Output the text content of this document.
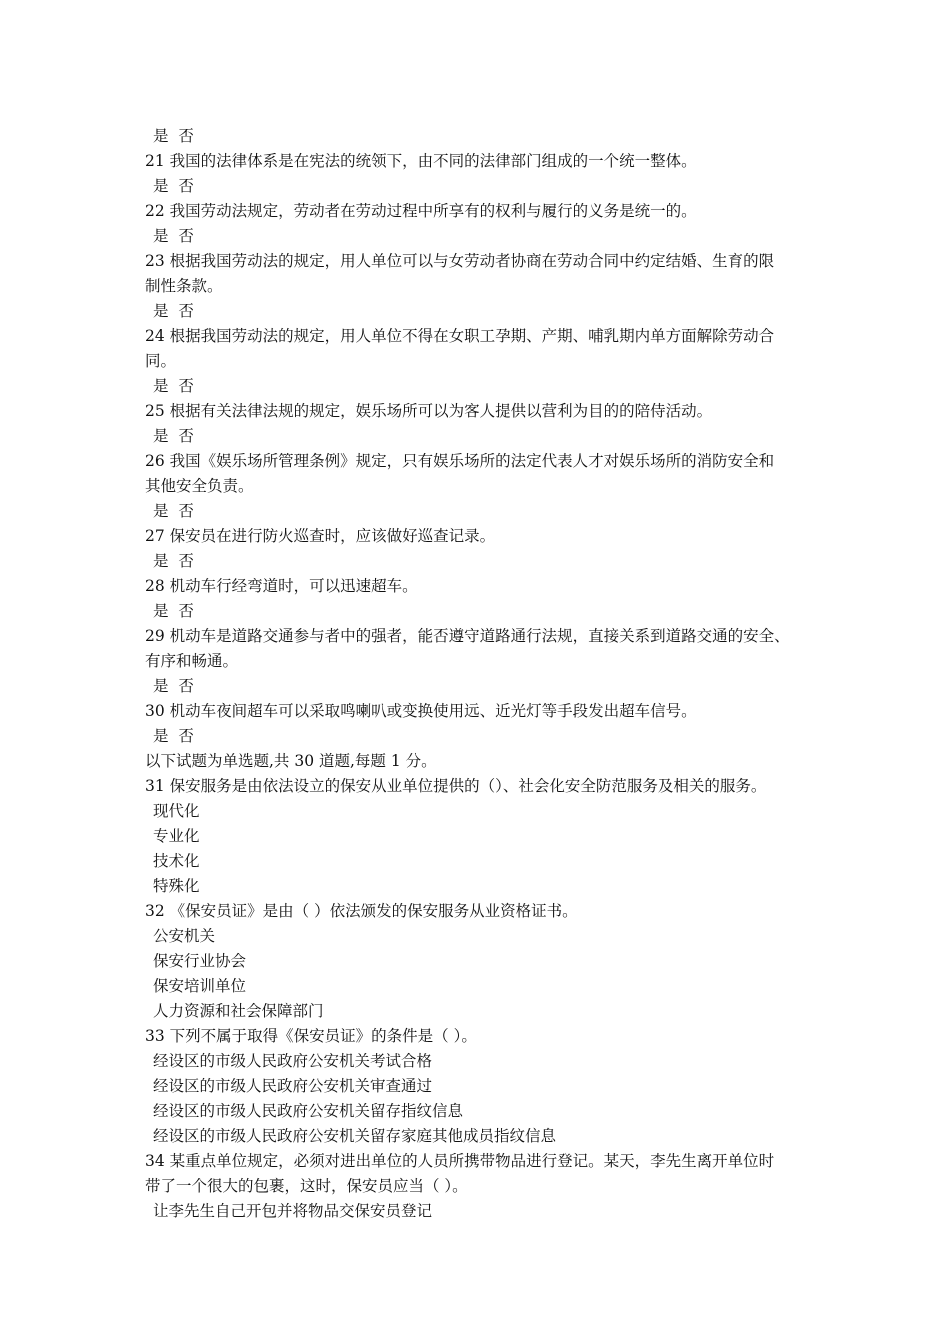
是  否

21 我国的法律体系是在宪法的统领下，由不同的法律部门组成的一个统一整体。

是  否

22 我国劳动法规定，劳动者在劳动过程中所享有的权利与履行的义务是统一的。

是  否

23 根据我国劳动法的规定，用人单位可以与女劳动者协商在劳动合同中约定结婚、生育的限

制性条款。

是  否

24 根据我国劳动法的规定，用人单位不得在女职工孕期、产期、哺乳期内单方面解除劳动合

同。

是  否

25 根据有关法律法规的规定，娱乐场所可以为客人提供以营利为目的的陪侍活动。

是  否

26 我国《娱乐场所管理条例》规定，只有娱乐场所的法定代表人才对娱乐场所的消防安全和

其他安全负责。

是  否

27 保安员在进行防火巡查时，应该做好巡查记录。

是  否

28 机动车行经弯道时，可以迅速超车。

是  否

29 机动车是道路交通参与者中的强者，能否遵守道路通行法规，直接关系到道路交通的安全、

有序和畅通。

是  否

30 机动车夜间超车可以采取鸣喇叭或变换使用远、近光灯等手段发出超车信号。

是  否

以下试题为单选题,共 30 道题,每题 1 分。

31 保安服务是由依法设立的保安从业单位提供的（）、社会化安全防范服务及相关的服务。

现代化

专业化

技术化

特殊化

32 《保安员证》是由（ ）依法颁发的保安服务从业资格证书。

公安机关

保安行业协会

保安培训单位

人力资源和社会保障部门

33 下列不属于取得《保安员证》的条件是（ ）。

经设区的市级人民政府公安机关考试合格

经设区的市级人民政府公安机关审查通过

经设区的市级人民政府公安机关留存指纹信息

经设区的市级人民政府公安机关留存家庭其他成员指纹信息

34 某重点单位规定，必须对进出单位的人员所携带物品进行登记。某天，李先生离开单位时

带了一个很大的包裹，这时，保安员应当（ ）。

让李先生自己开包并将物品交保安员登记
